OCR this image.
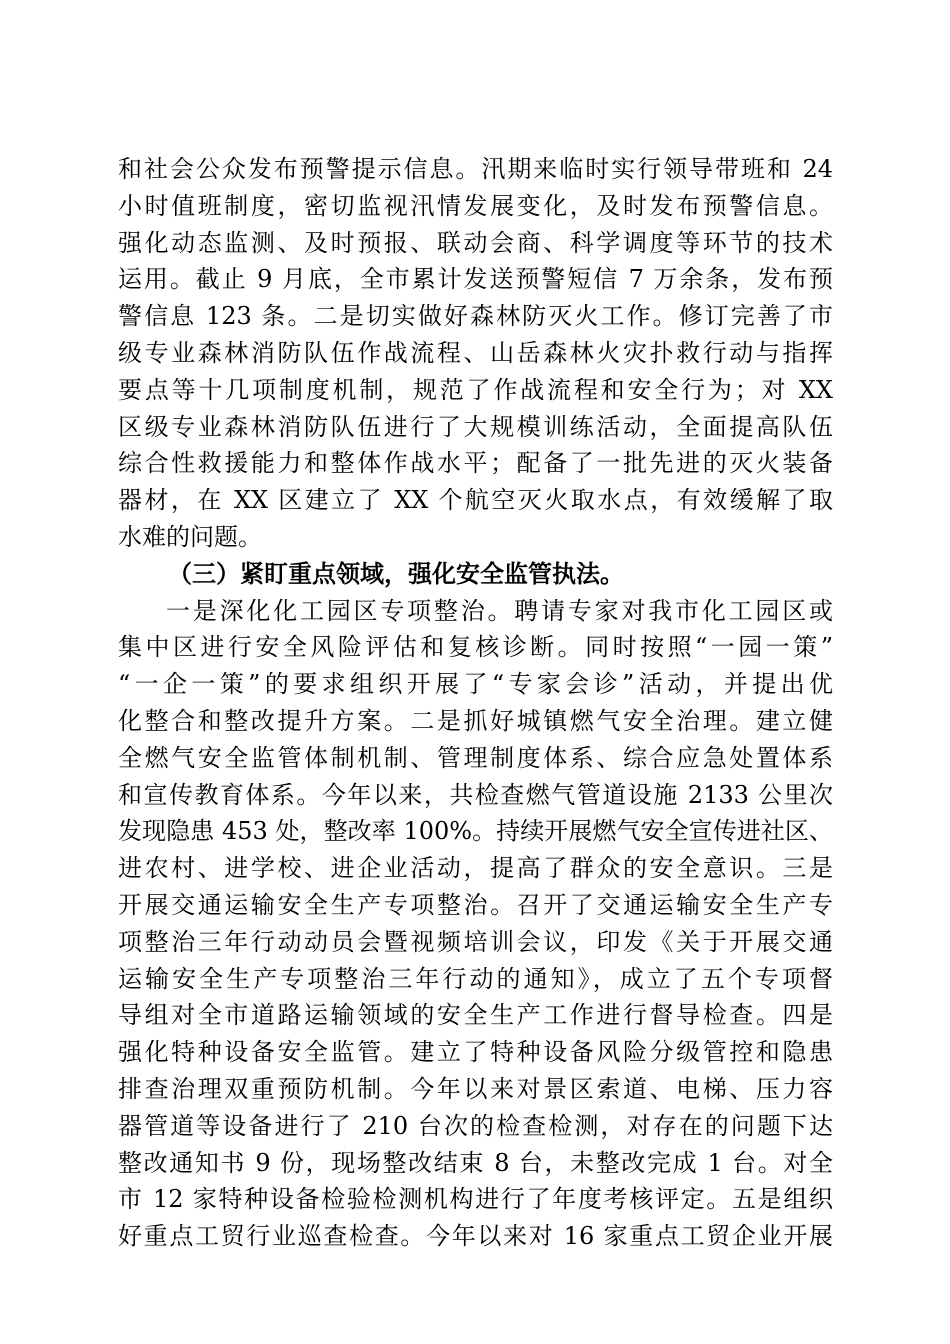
和社会公众发布预警提示信息。汛期来临时实行领导带班和 24
小时值班制度，密切监视汛情发展变化，及时发布预警信息。
强化动态监测、及时预报、联动会商、科学调度等环节的技术
运用。截止 9 月底，全市累计发送预警短信 7 万余条，发布预
警信息 123 条。二是切实做好森林防灭火工作。修订完善了市
级专业森林消防队伍作战流程、山岳森林火灾扑救行动与指挥
要点等十几项制度机制，规范了作战流程和安全行为；对 XX
区级专业森林消防队伍进行了大规模训练活动，全面提高队伍
综合性救援能力和整体作战水平；配备了一批先进的灭火装备
器材，在 XX 区建立了 XX 个航空灭火取水点，有效缓解了取
水难的问题。
（三）紧盯重点领域，强化安全监管执法。
一是深化化工园区专项整治。聘请专家对我市化工园区或
集中区进行安全风险评估和复核诊断。同时按照“一园一策”
“一企一策”的要求组织开展了“专家会诊”活动，并提出优
化整合和整改提升方案。二是抓好城镇燃气安全治理。建立健
全燃气安全监管体制机制、管理制度体系、综合应急处置体系
和宣传教育体系。今年以来，共检查燃气管道设施 2133 公里次
发现隐患 453 处，整改率 100%。持续开展燃气安全宣传进社区、
进农村、进学校、进企业活动，提高了群众的安全意识。三是
开展交通运输安全生产专项整治。召开了交通运输安全生产专
项整治三年行动动员会暨视频培训会议，印发《关于开展交通
运输安全生产专项整治三年行动的通知》，成立了五个专项督
导组对全市道路运输领域的安全生产工作进行督导检查。四是
强化特种设备安全监管。建立了特种设备风险分级管控和隐患
排查治理双重预防机制。今年以来对景区索道、电梯、压力容
器管道等设备进行了 210 台次的检查检测，对存在的问题下达
整改通知书 9 份，现场整改结束 8 台，未整改完成 1 台。对全
市 12 家特种设备检验检测机构进行了年度考核评定。五是组织
好重点工贸行业巡查检查。今年以来对 16 家重点工贸企业开展
